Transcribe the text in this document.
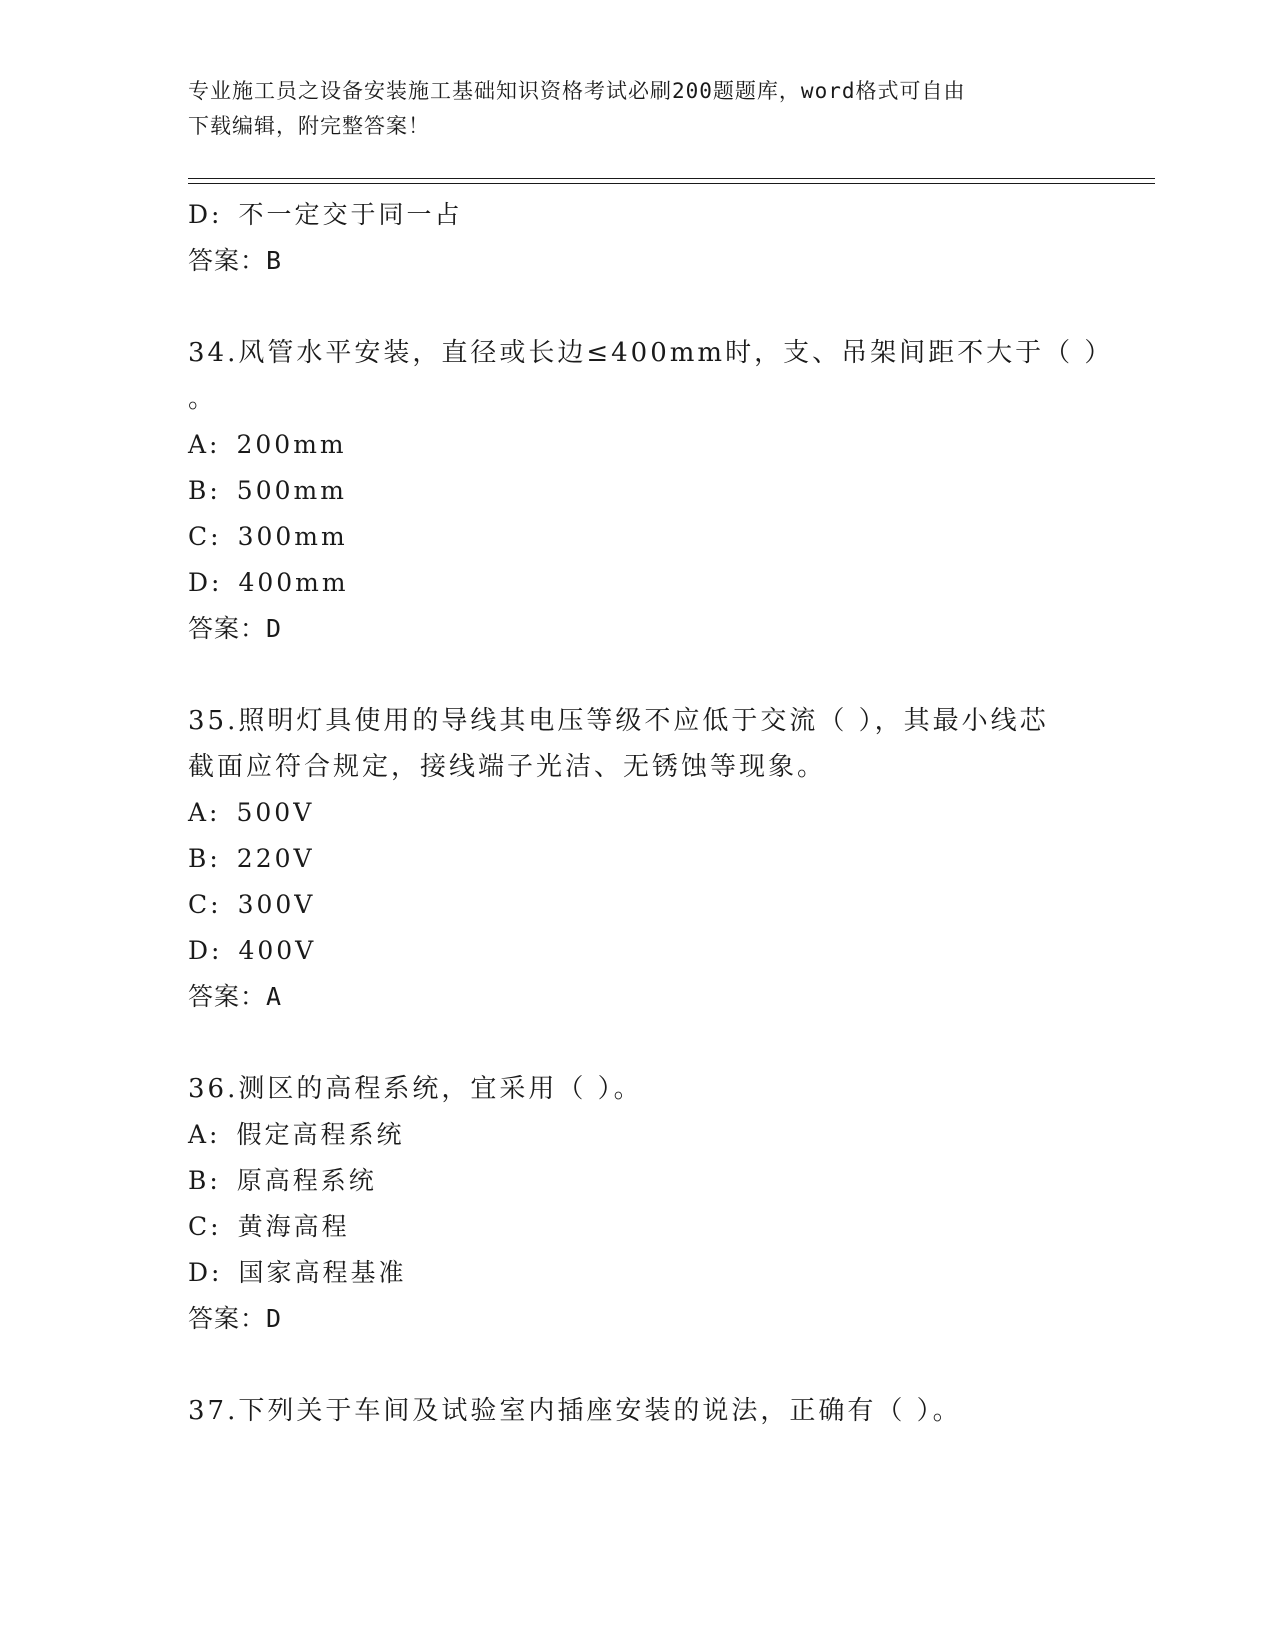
专业施工员之设备安装施工基础知识资格考试必刷200题题库，word格式可自由
下载编辑，附完整答案！
D: 不一定交于同一占
答案：B
34.风管水平安装，直径或长边≤400mm时，支、吊架间距不大于（ ）
。
A: 200mm
B: 500mm
C: 300mm
D: 400mm
答案：D
35.照明灯具使用的导线其电压等级不应低于交流（ ），其最小线芯
截面应符合规定，接线端子光洁、无锈蚀等现象。
A: 500V
B: 220V
C: 300V
D: 400V
答案：A
36.测区的高程系统，宜采用（ ）。
A: 假定高程系统
B: 原高程系统
C: 黄海高程
D: 国家高程基准
答案：D
37.下列关于车间及试验室内插座安装的说法，正确有（ ）。
